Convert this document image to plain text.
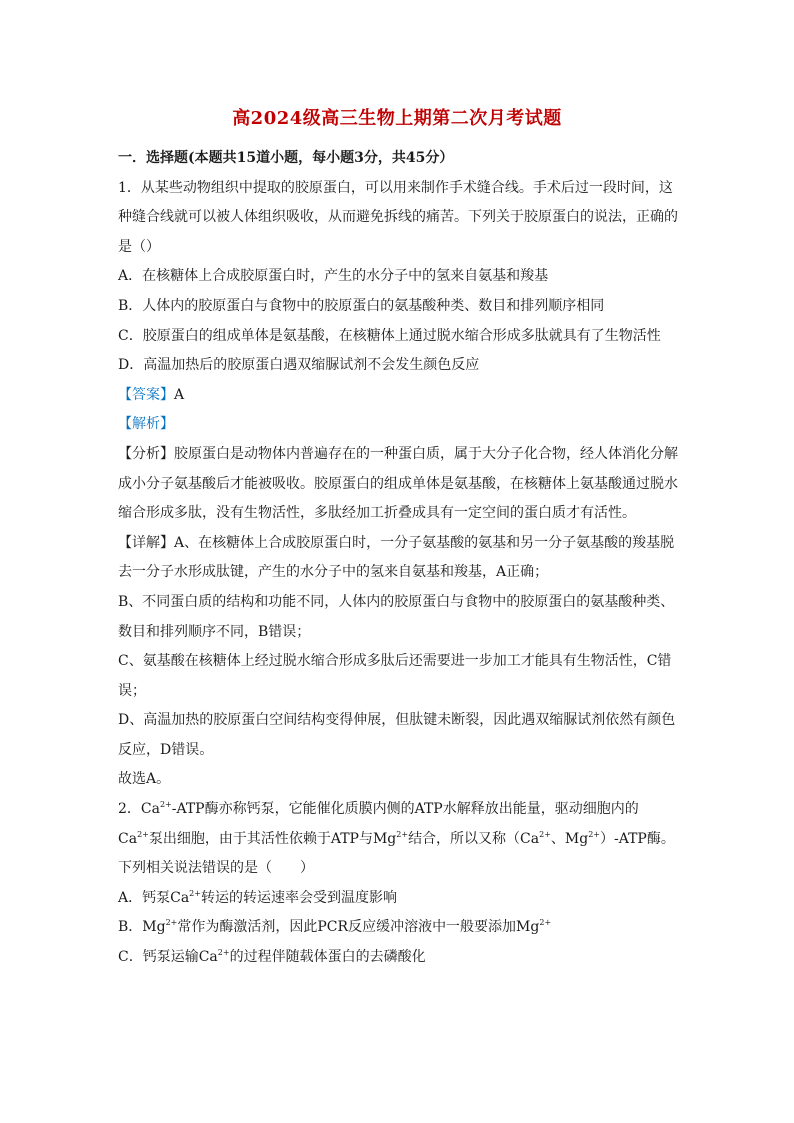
高2024级高三生物上期第二次月考试题

一．选择题(本题共15道小题，每小题3分，共45分）

1．从某些动物组织中提取的胶原蛋白，可以用来制作手术缝合线。手术后过一段时间，这种缝合线就可以被人体组织吸收，从而避免拆线的痛苦。下列关于胶原蛋白的说法，正确的是（）

A．在核糖体上合成胶原蛋白时，产生的水分子中的氢来自氨基和羧基

B．人体内的胶原蛋白与食物中的胶原蛋白的氨基酸种类、数目和排列顺序相同

C．胶原蛋白的组成单体是氨基酸，在核糖体上通过脱水缩合形成多肽就具有了生物活性

D．高温加热后的胶原蛋白遇双缩脲试剂不会发生颜色反应

【答案】A

【解析】

【分析】胶原蛋白是动物体内普遍存在的一种蛋白质，属于大分子化合物，经人体消化分解成小分子氨基酸后才能被吸收。胶原蛋白的组成单体是氨基酸，在核糖体上氨基酸通过脱水缩合形成多肽，没有生物活性，多肽经加工折叠成具有一定空间的蛋白质才有活性。

【详解】A、在核糖体上合成胶原蛋白时，一分子氨基酸的氨基和另一分子氨基酸的羧基脱去一分子水形成肽键，产生的水分子中的氢来自氨基和羧基，A正确；

B、不同蛋白质的结构和功能不同，人体内的胶原蛋白与食物中的胶原蛋白的氨基酸种类、数目和排列顺序不同，B错误；

C、氨基酸在核糖体上经过脱水缩合形成多肽后还需要进一步加工才能具有生物活性，C错误；

D、高温加热的胶原蛋白空间结构变得伸展，但肽键未断裂，因此遇双缩脲试剂依然有颜色反应，D错误。

故选A。

2．$Ca^{2+}$-ATP酶亦称钙泵，它能催化质膜内侧的ATP水解释放出能量，驱动细胞内的$Ca^{2+}$泵出细胞，由于其活性依赖于ATP与$Mg^{2+}$结合，所以又称（$Ca^{2+}$、$Mg^{2+}$）-ATP酶。下列相关说法错误的是（　　）

A．钙泵$Ca^{2+}$转运的转运速率会受到温度影响

B．$Mg^{2+}$常作为酶激活剂，因此PCR反应缓冲溶液中一般要添加$Mg^{2+}$

C．钙泵运输$Ca^{2+}$的过程伴随载体蛋白的去磷酸化
